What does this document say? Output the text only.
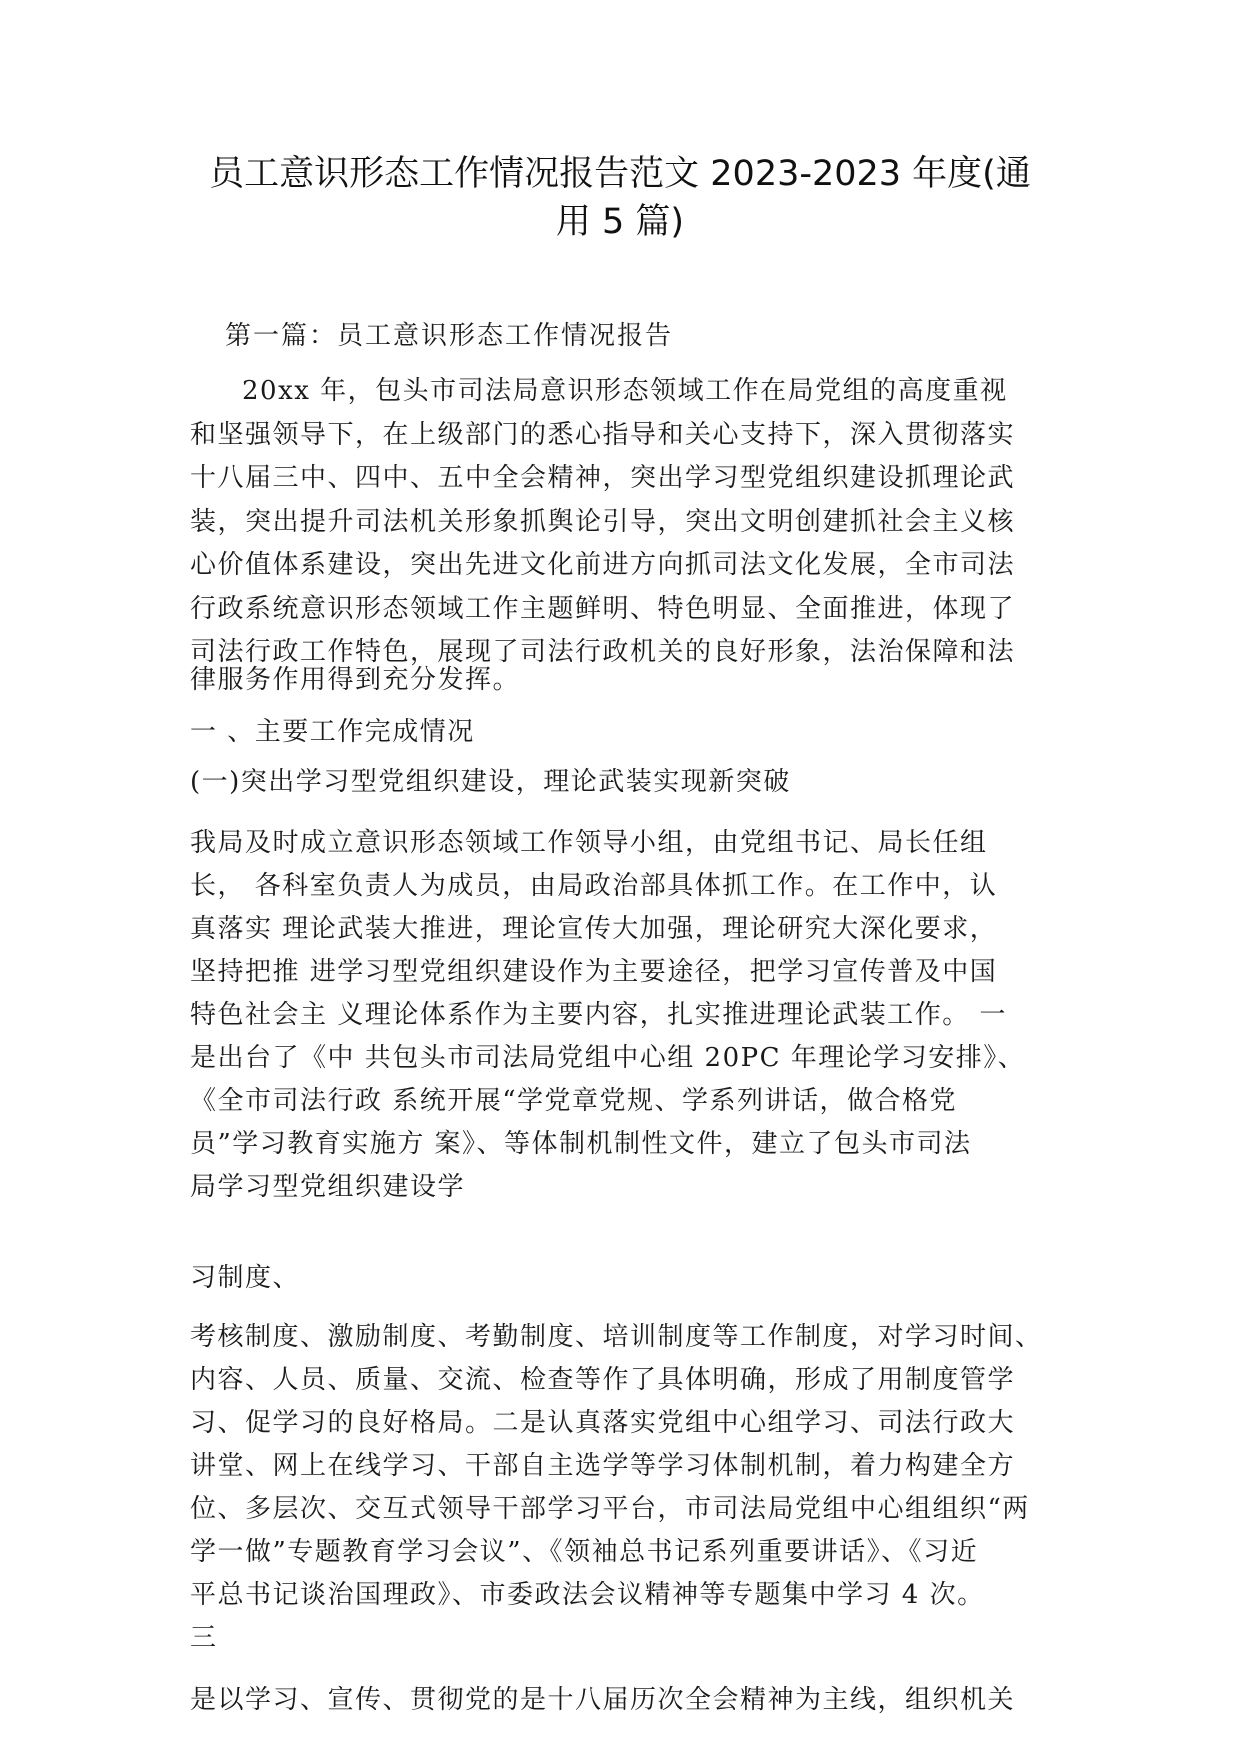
员工意识形态工作情况报告范文 2023-2023 年度(通
用 5 篇)
第一篇：员工意识形态工作情况报告
20xx 年，包头市司法局意识形态领域工作在局党组的高度重视
和坚强领导下，在上级部门的悉心指导和关心支持下，深入贯彻落实
十八届三中、四中、五中全会精神，突出学习型党组织建设抓理论武
装，突出提升司法机关形象抓舆论引导，突出文明创建抓社会主义核
心价值体系建设，突出先进文化前进方向抓司法文化发展，全市司法
行政系统意识形态领域工作主题鲜明、特色明显、全面推进，体现了
司法行政工作特色，展现了司法行政机关的良好形象，法治保障和法
律服务作用得到充分发挥。
一 、主要工作完成情况
(一)突出学习型党组织建设，理论武装实现新突破
我局及时成立意识形态领域工作领导小组，由党组书记、局长任组
长， 各科室负责人为成员，由局政治部具体抓工作。在工作中，认
真落实 理论武装大推进，理论宣传大加强，理论研究大深化要求，
坚持把推 进学习型党组织建设作为主要途径，把学习宣传普及中国
特色社会主 义理论体系作为主要内容，扎实推进理论武装工作。 一
是出台了《中 共包头市司法局党组中心组 20PC 年理论学习安排》、
《全市司法行政 系统开展“学党章党规、学系列讲话，做合格党
员”学习教育实施方 案》、等体制机制性文件，建立了包头市司法
局学习型党组织建设学
习制度、
考核制度、激励制度、考勤制度、培训制度等工作制度，对学习时间、
内容、人员、质量、交流、检查等作了具体明确，形成了用制度管学
习、促学习的良好格局。二是认真落实党组中心组学习、司法行政大
讲堂、网上在线学习、干部自主选学等学习体制机制，着力构建全方
位、多层次、交互式领导干部学习平台，市司法局党组中心组组织“两
学一做”专题教育学习会议”、《领袖总书记系列重要讲话》、《习近
平总书记谈治国理政》、市委政法会议精神等专题集中学习 4 次。
三
是以学习、宣传、贯彻党的是十八届历次全会精神为主线，组织机关
